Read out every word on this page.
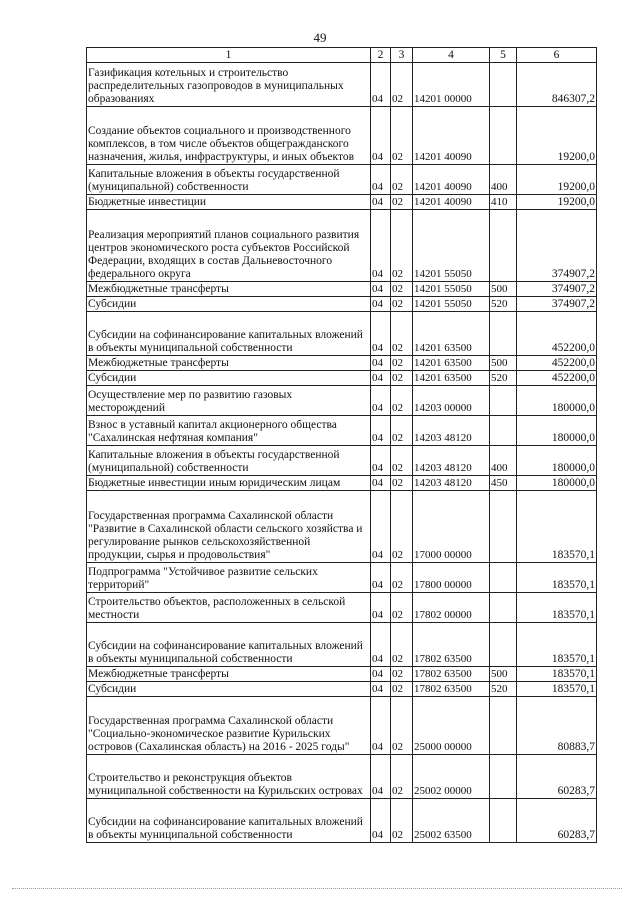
49
1	2	3	4	5	6
Газификация котельных и строительство распределительных газопроводов в муниципальных образованиях	04	02	14201 00000		846307,2
Создание объектов социального и производственного комплексов, в том числе объектов общегражданского назначения, жилья, инфраструктуры, и иных объектов	04	02	14201 40090		19200,0
Капитальные вложения в объекты государственной (муниципальной) собственности	04	02	14201 40090	400	19200,0
Бюджетные инвестиции	04	02	14201 40090	410	19200,0
Реализация мероприятий планов социального развития центров экономического роста субъектов Российской Федерации, входящих в состав Дальневосточного федерального округа	04	02	14201 55050		374907,2
Межбюджетные трансферты	04	02	14201 55050	500	374907,2
Субсидии	04	02	14201 55050	520	374907,2
Субсидии на софинансирование капитальных вложений в объекты муниципальной собственности	04	02	14201 63500		452200,0
Межбюджетные трансферты	04	02	14201 63500	500	452200,0
Субсидии	04	02	14201 63500	520	452200,0
Осуществление мер по развитию газовых месторождений	04	02	14203 00000		180000,0
Взнос в уставный капитал акционерного общества "Сахалинская нефтяная компания"	04	02	14203 48120		180000,0
Капитальные вложения в объекты государственной (муниципальной) собственности	04	02	14203 48120	400	180000,0
Бюджетные инвестиции иным юридическим лицам	04	02	14203 48120	450	180000,0
Государственная программа Сахалинской области "Развитие в Сахалинской области сельского хозяйства и регулирование рынков сельскохозяйственной продукции, сырья и продовольствия"	04	02	17000 00000		183570,1
Подпрограмма "Устойчивое развитие сельских территорий"	04	02	17800 00000		183570,1
Строительство объектов, расположенных в сельской местности	04	02	17802 00000		183570,1
Субсидии на софинансирование капитальных вложений в объекты муниципальной собственности	04	02	17802 63500		183570,1
Межбюджетные трансферты	04	02	17802 63500	500	183570,1
Субсидии	04	02	17802 63500	520	183570,1
Государственная программа Сахалинской области "Социально-экономическое развитие Курильских островов (Сахалинская область) на 2016 - 2025 годы"	04	02	25000 00000		80883,7
Строительство и реконструкция объектов муниципальной собственности на Курильских островах	04	02	25002 00000		60283,7
Субсидии на софинансирование капитальных вложений в объекты муниципальной собственности	04	02	25002 63500		60283,7
